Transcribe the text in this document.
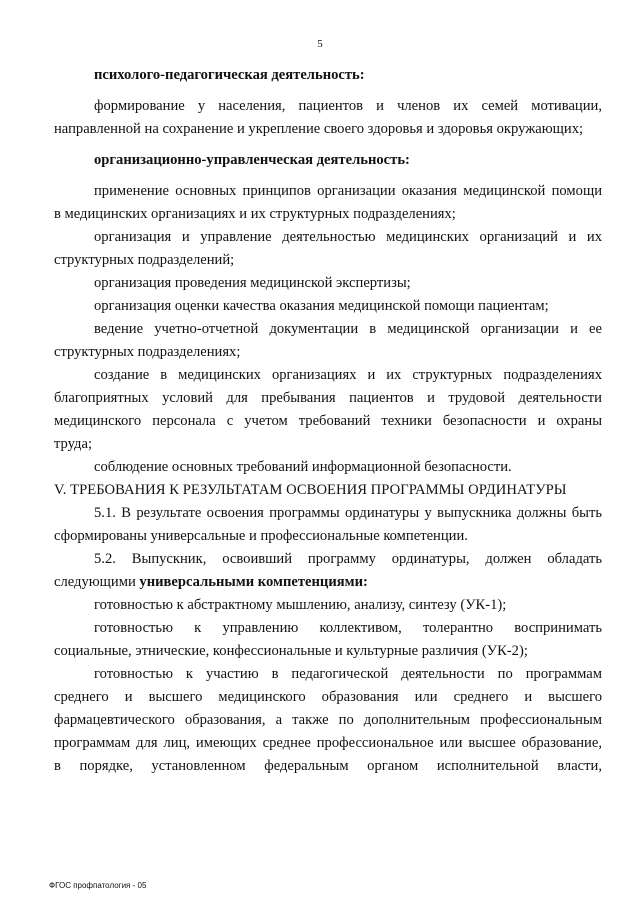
5

психолого-педагогическая деятельность:

формирование у населения, пациентов и членов их семей мотивации,

направленной на сохранение и укрепление своего здоровья и здоровья окружающих;

организационно-управленческая деятельность:

применение основных принципов организации оказания медицинской помощи

в медицинских организациях и их структурных подразделениях;

организация и управление деятельностью медицинских организаций и их

структурных подразделений;

организация проведения медицинской экспертизы;

организация оценки качества оказания медицинской помощи пациентам;

ведение учетно-отчетной документации в медицинской организации и ее

структурных подразделениях;

создание в медицинских организациях и их структурных подразделениях

благоприятных условий для пребывания пациентов и трудовой деятельности

медицинского персонала с учетом требований техники безопасности и охраны

труда;

соблюдение основных требований информационной безопасности.

V. ТРЕБОВАНИЯ К РЕЗУЛЬТАТАМ ОСВОЕНИЯ ПРОГРАММЫ ОРДИНАТУРЫ

5.1. В результате освоения программы ординатуры у выпускника должны быть

сформированы универсальные и профессиональные компетенции.

5.2. Выпускник, освоивший программу ординатуры, должен обладать

следующими универсальными компетенциями:

готовностью к абстрактному мышлению, анализу, синтезу (УК-1);

готовностью к управлению коллективом, толерантно воспринимать

социальные, этнические, конфессиональные и культурные различия (УК-2);

готовностью к участию в педагогической деятельности по программам

среднего и высшего медицинского образования или среднего и высшего

фармацевтического образования, а также по дополнительным профессиональным

программам для лиц, имеющих среднее профессиональное или высшее образование,

в порядке, установленном федеральным органом исполнительной власти,

ФГОС профпатология - 05
